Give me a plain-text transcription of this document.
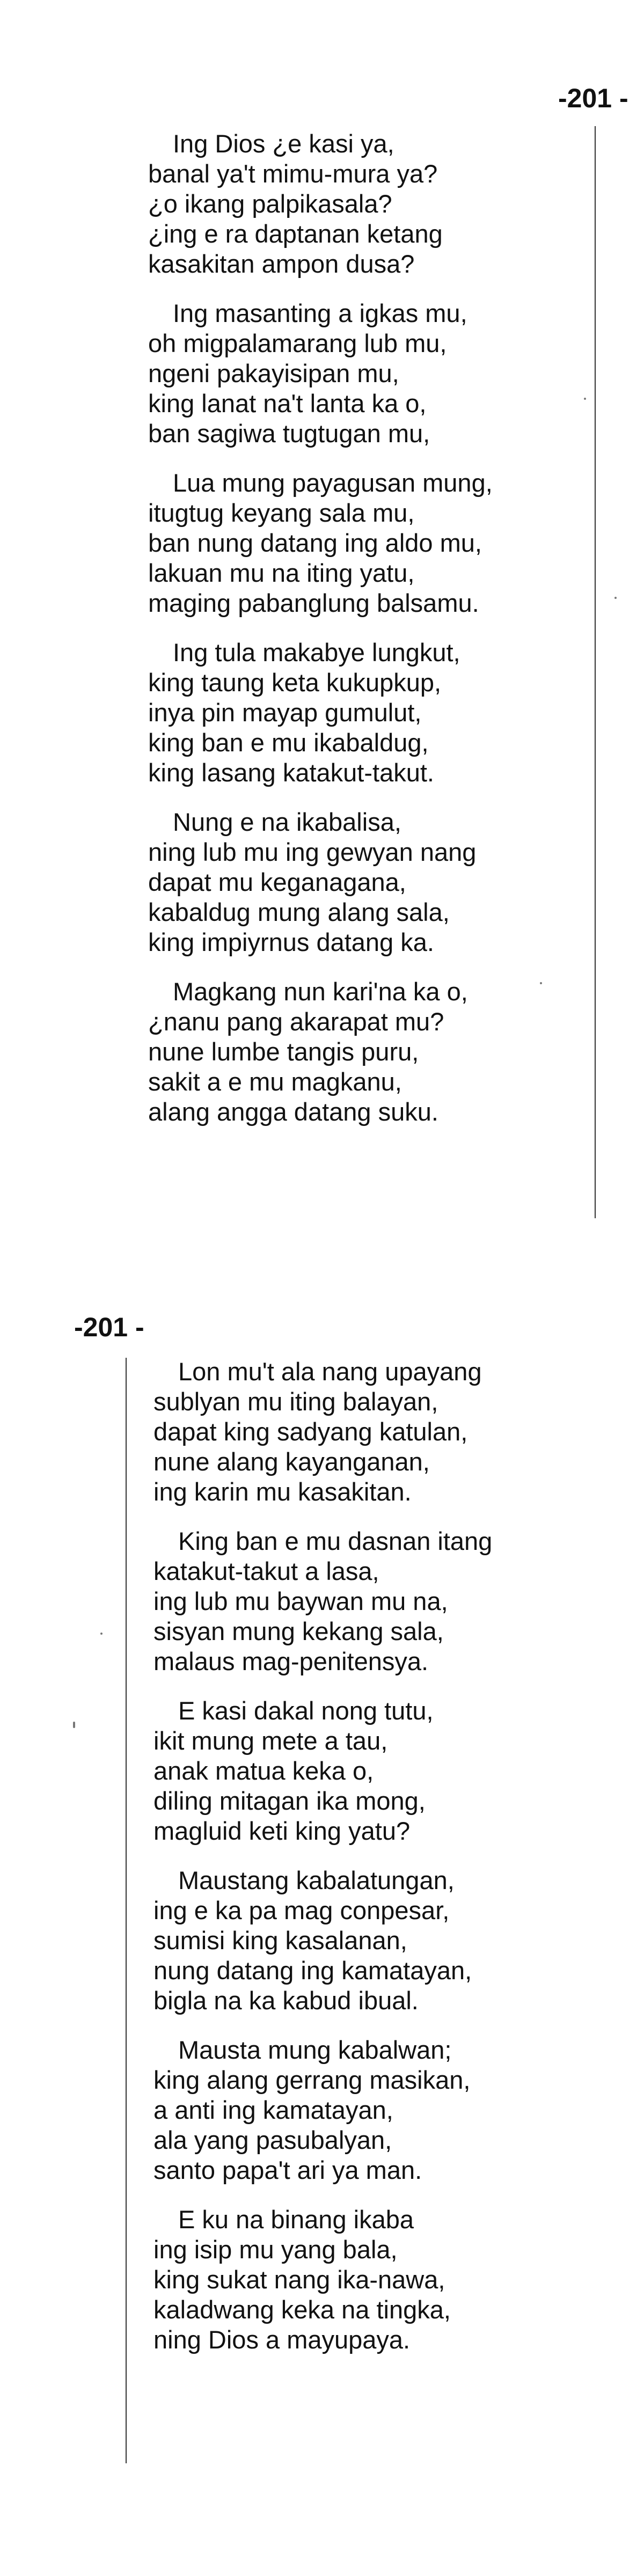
-201 -
Ing Dios ¿e kasi ya,
banal ya't mimu-mura ya?
¿o ikang palpikasala?
¿ing e ra daptanan ketang
kasakitan ampon dusa?
Ing masanting a igkas mu,
oh migpalamarang lub mu,
ngeni pakayisipan mu,
king lanat na't lanta ka o,
ban sagiwa tugtugan mu,
Lua mung payagusan mung,
itugtug keyang sala mu,
ban nung datang ing aldo mu,
lakuan mu na iting yatu,
maging pabanglung balsamu.
Ing tula makabye lungkut,
king taung keta kukupkup,
inya pin mayap gumulut,
king ban e mu ikabaldug,
king lasang katakut-takut.
Nung e na ikabalisa,
ning lub mu ing gewyan nang
dapat mu keganagana,
kabaldug mung alang sala,
king impiyrnus datang ka.
Magkang nun kari'na ka o,
¿nanu pang akarapat mu?
nune lumbe tangis puru,
sakit a e mu magkanu,
alang angga datang suku.
-201 -
Lon mu't ala nang upayang
sublyan mu iting balayan,
dapat king sadyang katulan,
nune alang kayanganan,
ing karin mu kasakitan.
King ban e mu dasnan itang
katakut-takut a lasa,
ing lub mu baywan mu na,
sisyan mung kekang sala,
malaus mag-penitensya.
E kasi dakal nong tutu,
ikit mung mete a tau,
anak matua keka o,
diling mitagan ika mong,
magluid keti king yatu?
Maustang kabalatungan,
ing e ka pa mag conpesar,
sumisi king kasalanan,
nung datang ing kamatayan,
bigla na ka kabud ibual.
Mausta mung kabalwan;
king alang gerrang masikan,
a anti ing kamatayan,
ala yang pasubalyan,
santo papa't ari ya man.
E ku na binang ikaba
ing isip mu yang bala,
king sukat nang ika-nawa,
kaladwang keka na tingka,
ning Dios a mayupaya.
